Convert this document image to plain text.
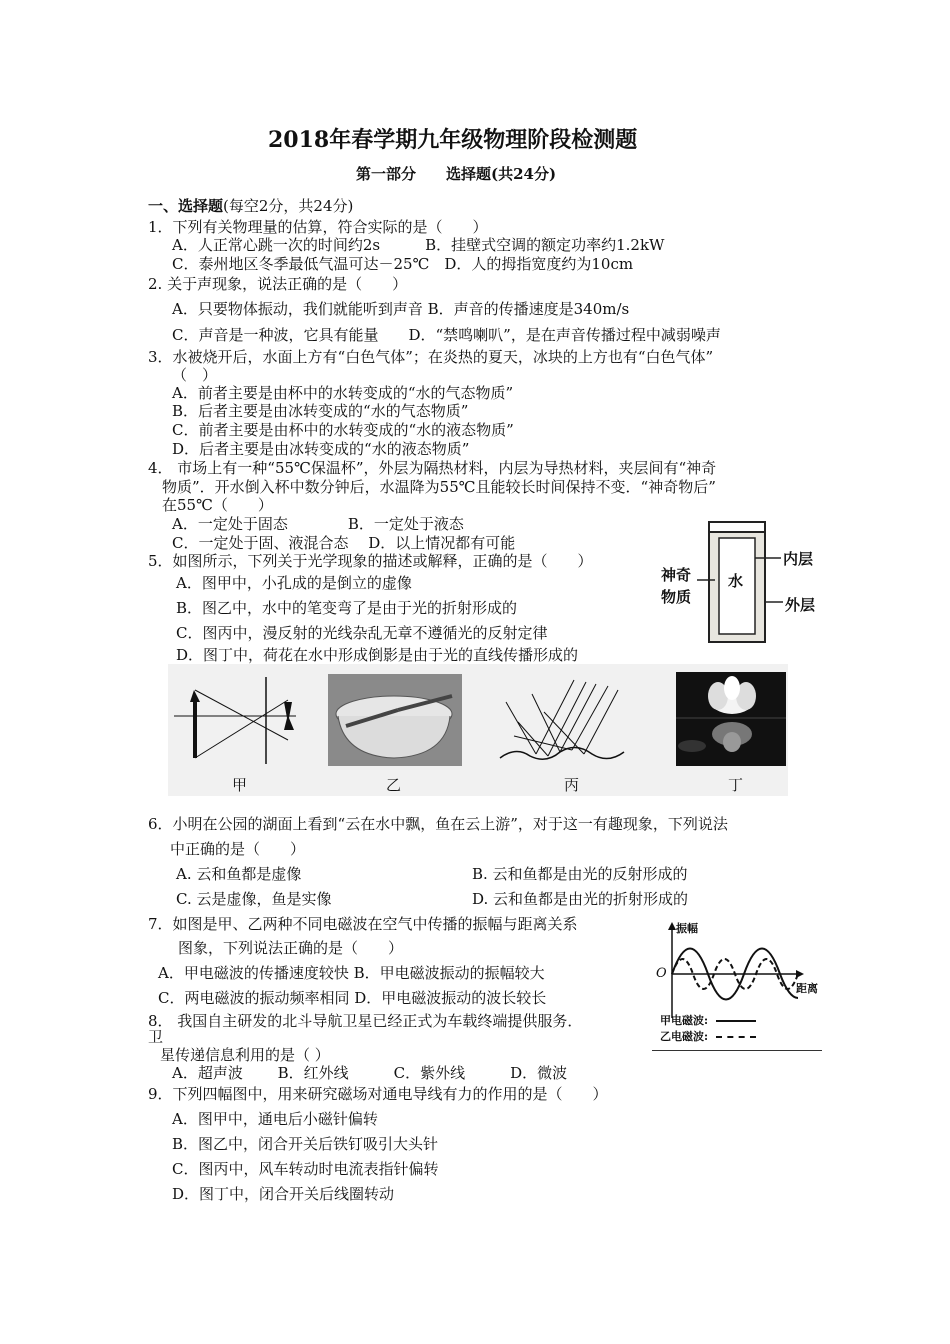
2018年春学期九年级物理阶段检测题
第一部分　　选择题(共24分)
一、选择题(每空2分，共24分)
1．下列有关物理量的估算，符合实际的是（　　）
A．人正常心跳一次的时间约2s　　　B．挂壁式空调的额定功率约1.2kW
C．泰州地区冬季最低气温可达－25℃　D．人的拇指宽度约为10cm
2. 关于声现象，说法正确的是（　　）
A．只要物体振动，我们就能听到声音 B．声音的传播速度是340m/s
C．声音是一种波，它具有能量　　D．“禁鸣喇叭”，是在声音传播过程中减弱噪声
3．水被烧开后，水面上方有“白色气体”；在炎热的夏天，冰块的上方也有“白色气体”
（　）
A．前者主要是由杯中的水转变成的“水的气态物质”
B．后者主要是由冰转变成的“水的气态物质”
C．前者主要是由杯中的水转变成的“水的液态物质”
D．后者主要是由冰转变成的“水的液态物质”
4． 市场上有一种“55℃保温杯”，外层为隔热材料，内层为导热材料，夹层间有“神奇
物质”．开水倒入杯中数分钟后，水温降为55℃且能较长时间保持不变．“神奇物后”
在55℃（　　）
A．一定处于固态　　　　B．一定处于液态
C．一定处于固、液混合态　 D．以上情况都有可能
水
内层
外层
神奇
物质
5．如图所示，下列关于光学现象的描述或解释，正确的是（　　）
A．图甲中，小孔成的是倒立的虚像
B．图乙中，水中的笔变弯了是由于光的折射形成的
C．图丙中，漫反射的光线杂乱无章不遵循光的反射定律
D．图丁中，荷花在水中形成倒影是由于光的直线传播形成的
甲	乙	丙	丁
6．小明在公园的湖面上看到“云在水中飘，鱼在云上游”，对于这一有趣现象，下列说法
中正确的是（　　）
A. 云和鱼都是虚像	B. 云和鱼都是由光的反射形成的
C. 云是虚像，鱼是实像	D. 云和鱼都是由光的折射形成的
7．如图是甲、乙两种不同电磁波在空气中传播的振幅与距离关系
图象，下列说法正确的是（　　）
A．甲电磁波的传播速度较快 B．甲电磁波振动的振幅较大
C．两电磁波的振动频率相同 D．甲电磁波振动的波长较长
振幅
O
距离
甲电磁波:
乙电磁波:
8． 我国自主研发的北斗导航卫星已经正式为车载终端提供服务．
卫
星传递信息利用的是（ ）
A．超声波　　 B．红外线　　　C．紫外线　　　D．微波
9．下列四幅图中，用来研究磁场对通电导线有力的作用的是（　　）
A．图甲中，通电后小磁针偏转
B．图乙中，闭合开关后铁钉吸引大头针
C．图丙中，风车转动时电流表指针偏转
D．图丁中，闭合开关后线圈转动
